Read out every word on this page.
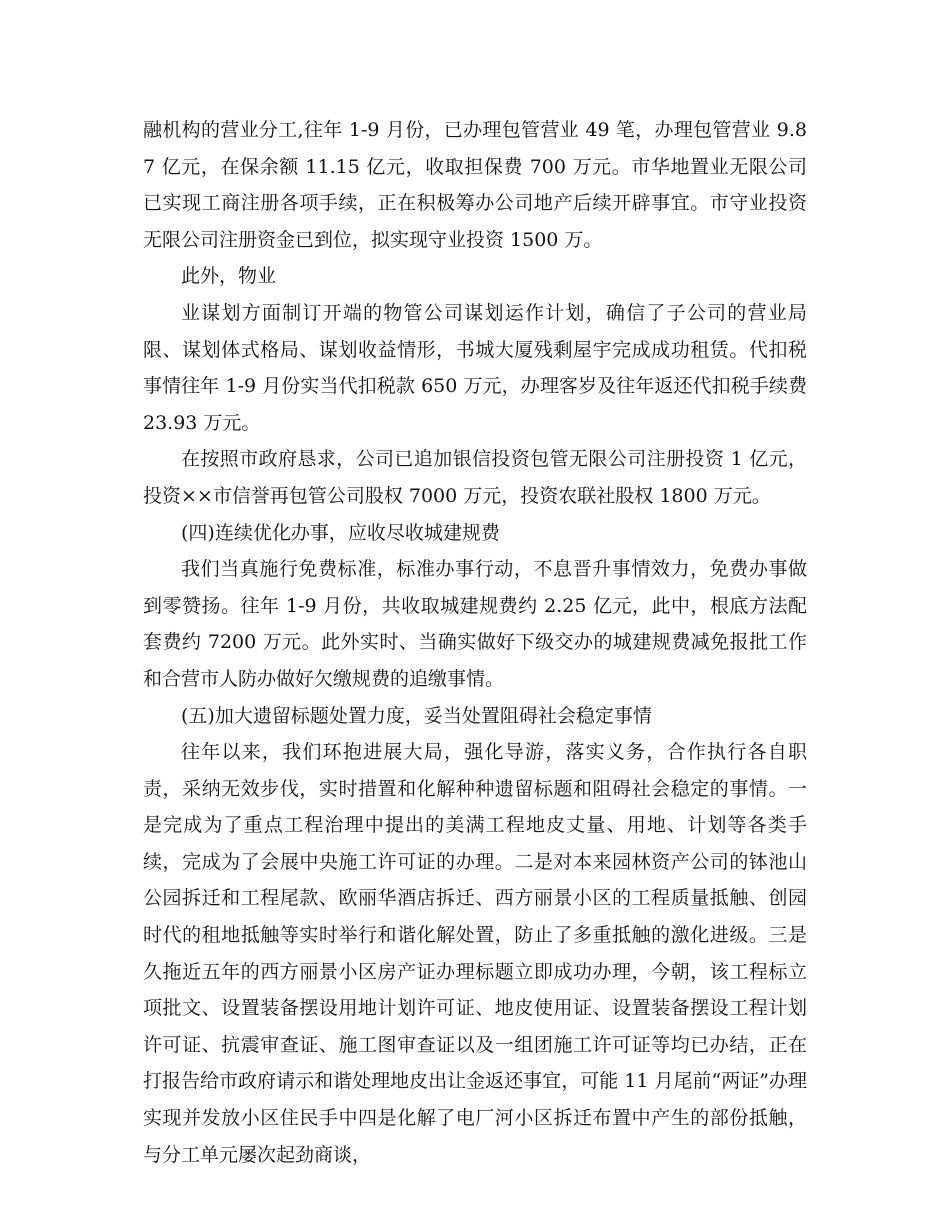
融机构的营业分工,往年 1-9 月份，已办理包管营业 49 笔，办理包管营业 9.87 亿元，在保余额 11.15 亿元，收取担保费 700 万元。市华地置业无限公司已实现工商注册各项手续，正在积极筹办公司地产后续开辟事宜。市守业投资无限公司注册资金已到位，拟实现守业投资 1500 万。

此外，物业

业谋划方面制订开端的物管公司谋划运作计划，确信了子公司的营业局限、谋划体式格局、谋划收益情形，书城大厦残剩屋宇完成成功租赁。代扣税事情往年 1-9 月份实当代扣税款 650 万元，办理客岁及往年返还代扣税手续费 23.93 万元。

在按照市政府恳求，公司已追加银信投资包管无限公司注册投资 1 亿元，投资××市信誉再包管公司股权 7000 万元，投资农联社股权 1800 万元。

(四)连续优化办事，应收尽收城建规费

我们当真施行免费标准，标准办事行动，不息晋升事情效力，免费办事做到零赞扬。往年 1-9 月份，共收取城建规费约 2.25 亿元，此中，根底方法配套费约 7200 万元。此外实时、当确实做好下级交办的城建规费减免报批工作和合营市人防办做好欠缴规费的追缴事情。

(五)加大遗留标题处置力度，妥当处置阻碍社会稳定事情

往年以来，我们环抱进展大局，强化导游，落实义务，合作执行各自职责，采纳无效步伐，实时措置和化解种种遗留标题和阻碍社会稳定的事情。一是完成为了重点工程治理中提出的美满工程地皮丈量、用地、计划等各类手续，完成为了会展中央施工许可证的办理。二是对本来园林资产公司的钵池山公园拆迁和工程尾款、欧丽华酒店拆迁、西方丽景小区的工程质量抵触、创园时代的租地抵触等实时举行和谐化解处置，防止了多重抵触的激化进级。三是久拖近五年的西方丽景小区房产证办理标题立即成功办理，今朝，该工程标立项批文、设置装备摆设用地计划许可证、地皮使用证、设置装备摆设工程计划许可证、抗震审查证、施工图审查证以及一组团施工许可证等均已办结，正在打报告给市政府请示和谐处理地皮出让金返还事宜，可能 11 月尾前“两证”办理实现并发放小区住民手中四是化解了电厂河小区拆迁布置中产生的部份抵触，与分工单元屡次起劲商谈，
